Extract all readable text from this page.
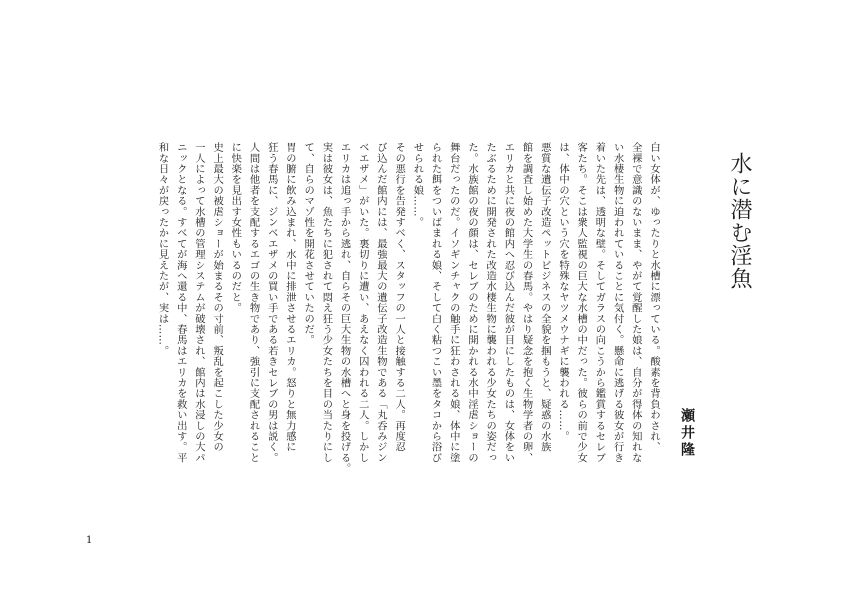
水に潜む淫魚
瀬井隆

白い女体が、ゆったりと水槽に漂っている。酸素を背負わされ、
全裸で意識のないまま、やがて覚醒した娘は、自分が得体の知れな
い水棲生物に迫われていることに気付く。懸命に逃げる彼女が行き
着いた先は、透明な壁。そしてガラスの向こうから鑑賞するセレブ
客たち。そこは衆人監視の巨大な水槽の中だった。彼らの前で少女
は、体中の穴という穴を特殊なヤツメウナギに襲われる……。

悪質な遺伝子改造ペットビジネスの全貌を掴もうと、疑惑の水族
館を調査し始めた大学生の春馬。やはり疑念を抱く生物学者の卵、
エリカと共に夜の館内へ忍び込んだ彼が目にしたものは、女体をい
たぶるために開発された改造水棲生物に襲われる少女たちの姿だっ
た。水族館の夜の顔は、セレブのために開かれる水中淫虐ショーの
舞台だったのだ。イソギンチャクの触手に狂わされる娘、体中に塗
られた餌をついばまれる娘、そして白く粘つこい墨をタコから浴び
せられる娘……。

その悪行を告発すべく、スタッフの一人と接触する二人。再度忍
び込んだ館内には、最強最大の遺伝子改造生物である「丸呑みジン
ベエザメ」がいた。裏切りに遭い、あえなく囚われる二人。しかし
エリカは追っ手から逃れ、自らその巨大生物の水槽へと身を投げる。
実は彼女は、魚たちに犯されて悶え狂う少女たちを目の当たりにし
て、自らのマゾ性を開花させていたのだ。

胃の腑に飲み込まれ、水中に排泄させるエリカ。怒りと無力感に
狂う春馬に、ジンベエザメの買い手である若きセレブの男は説く。
人間は他者を支配するエゴの生き物であり、強引に支配されること
に快楽を見出す女性もいるのだと。

史上最大の被虐ショーが始まるその寸前、叛乱を起こした少女の
一人によって水槽の管理システムが破壊され、館内は水浸しの大パ
ニックとなる。すべてが海へ還る中、春馬はエリカを救い出す。平
和な日々が戻ったかに見えたが、実は……。

1
